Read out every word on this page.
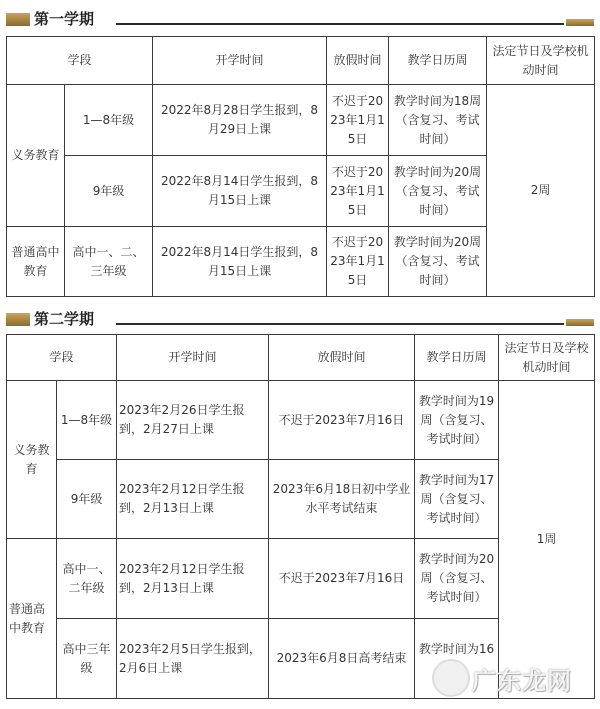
第一学期
学段		开学时间	放假时间	教学日历周	法定节日及学校机动时间
义务教育	1—8年级	2022年8月28日学生报到，8月29日上课	不迟于2023年1月15日	教学时间为18周（含复习、考试时间）	2周
	9年级	2022年8月14日学生报到，8月15日上课	不迟于2023年1月15日	教学时间为20周（含复习、考试时间）	
普通高中教育	高中一、二、三年级	2022年8月14日学生报到，8月15日上课	不迟于2023年1月15日	教学时间为20周（含复习、考试时间）	
第二学期
学段		开学时间	放假时间	教学日历周	法定节日及学校机动时间
义务教育	1—8年级	2023年2月26日学生报到，2月27日上课	不迟于2023年7月16日	教学时间为19周（含复习、考试时间）	1周
	9年级	2023年2月12日学生报到，2月13日上课	2023年6月18日初中学业水平考试结束	教学时间为17周（含复习、考试时间）	
普通高中教育	高中一、二年级	2023年2月12日学生报到，2月13日上课	不迟于2023年7月16日	教学时间为20周（含复习、考试时间）	
	高中三年级	2023年2月5日学生报到，2月6日上课	2023年6月8日高考结束	教学时间为16	
广东龙网
